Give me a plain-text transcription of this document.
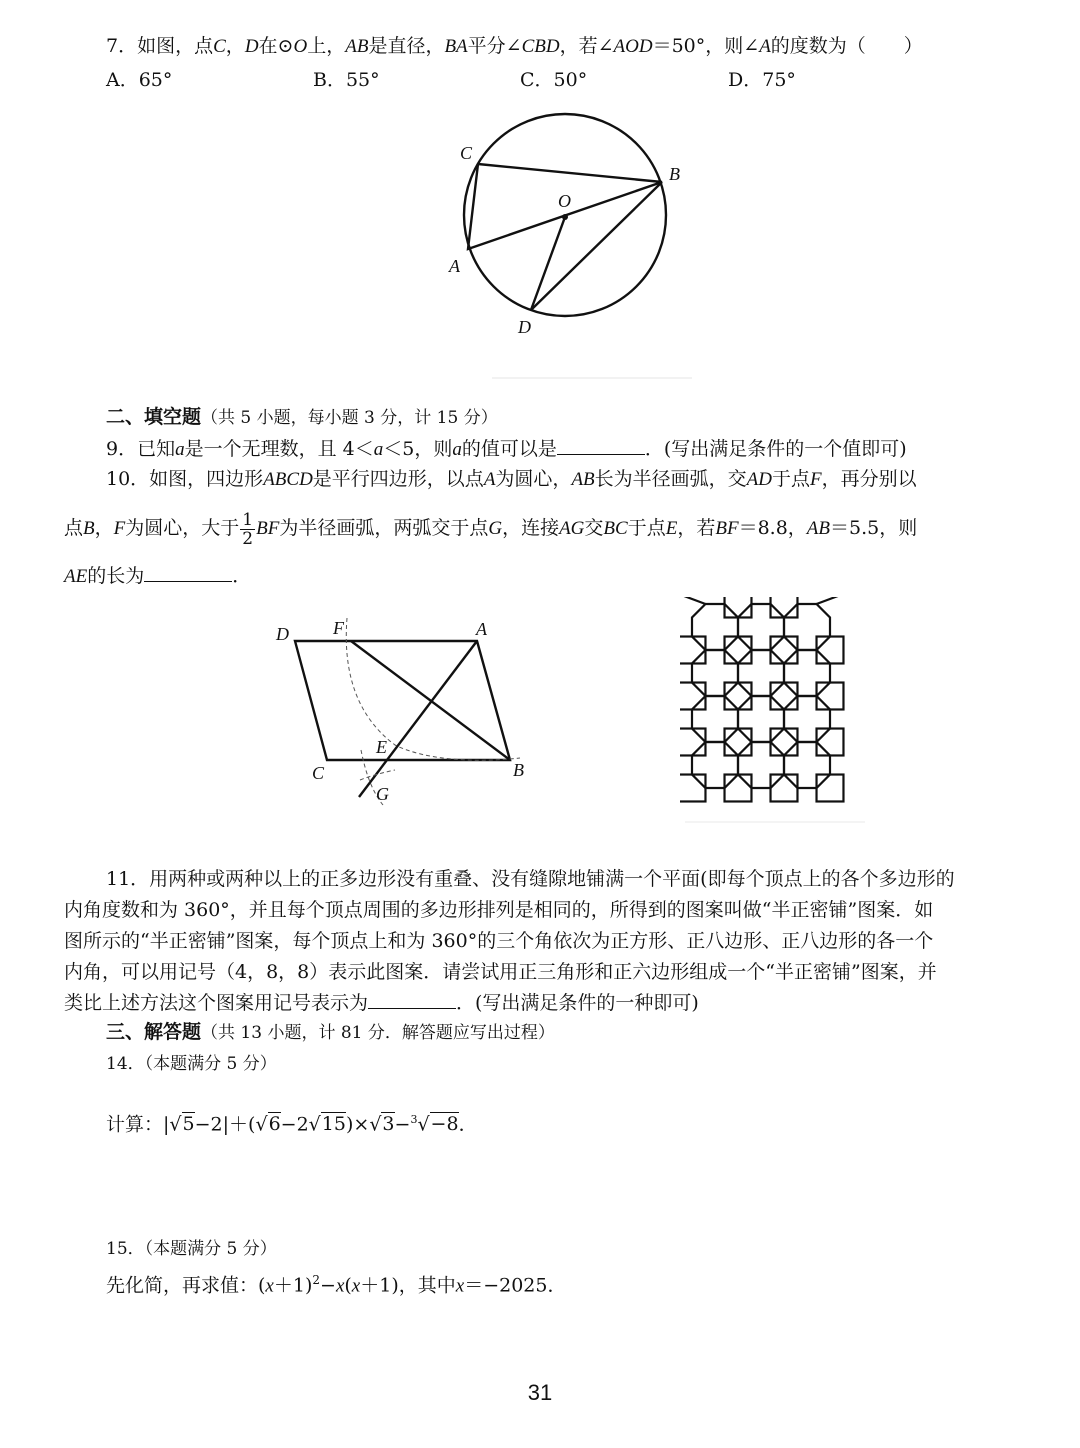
7．如图，点C，D在⊙O上，AB是直径，BA平分∠CBD，若∠AOD＝50°，则∠A的度数为（　　）
A．65°	B．55°	C．50°	D．75°
C
B
O
A
D
二、填空题（共 5 小题，每小题 3 分，计 15 分）
9．已知a是一个无理数，且 4＜a＜5，则a的值可以是	．(写出满足条件的一个值即可)
10．如图，四边形ABCD是平行四边形，以点A为圆心，AB长为半径画弧，交AD于点F，再分别以
点B，F为圆心，大于 $\frac{1}{2}$ BF为半径画弧，两弧交于点G，连接AG交BC于点E，若BF＝8.8，AB＝5.5，则
AE的长为	．
D F	A
E
C	B
G
11．用两种或两种以上的正多边形没有重叠、没有缝隙地铺满一个平面(即每个顶点上的各个多边形的
内角度数和为 360°，并且每个顶点周围的多边形排列是相同的，所得到的图案叫做“半正密铺”图案．如
图所示的“半正密铺”图案，每个顶点上和为 360°的三个角依次为正方形、正八边形、正八边形的各一个
内角，可以用记号（4，8，8）表示此图案．请尝试用正三角形和正六边形组成一个“半正密铺”图案，并
类比上述方法这个图案用记号表示为	．(写出满足条件的一种即可)
三、解答题（共 13 小题，计 81 分．解答题应写出过程）
14．（本题满分 5 分）
计算：|√5−2|＋(√6−2√15)×√3−$^3$√−8．
15．（本题满分 5 分）
先化简，再求值：$(x+1)^2-x(x+1)$，其中x＝−2025．
31
